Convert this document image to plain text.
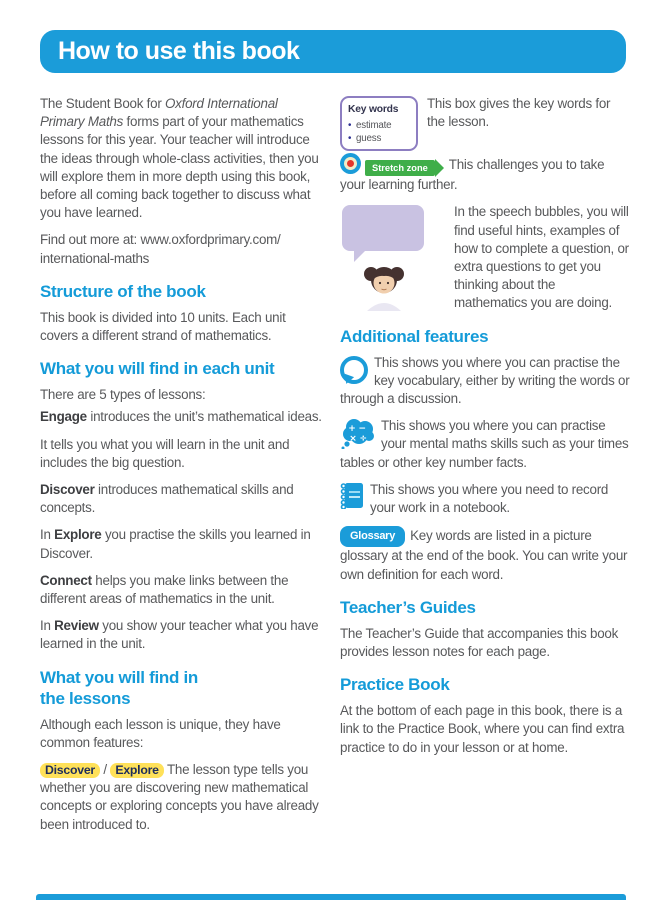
How to use this book

The Student Book for Oxford International Primary Maths forms part of your mathematics lessons for this year. Your teacher will introduce the ideas through whole-class activities, then you will explore them in more depth using this book, before all coming back together to discuss what you have learned.

Find out more at: www.oxfordprimary.com/
international-maths

Structure of the book

This book is divided into 10 units. Each unit covers a different strand of mathematics.

What you will find in each unit

There are 5 types of lessons:

Engage introduces the unit’s mathematical ideas.

It tells you what you will learn in the unit and includes the big question.

Discover introduces mathematical skills and concepts.

In Explore you practise the skills you learned in Discover.

Connect helps you make links between the different areas of mathematics in the unit.

In Review you show your teacher what you have learned in the unit.

What you will find in
the lessons

Although each lesson is unique, they have common features:

Discover / Explore The lesson type tells you whether you are discovering new mathematical concepts or exploring concepts you have already been introduced to.

Key words
• estimate
• guess
This box gives the key words for the lesson.

Stretch zone This challenges you to take your learning further.

In the speech bubbles, you will find useful hints, examples of how to complete a question, or extra questions to get you thinking about the mathematics you are doing.

Additional features

This shows you where you can practise the key vocabulary, either by writing the words or through a discussion.

+ −
× ÷
This shows you where you can practise your mental maths skills such as your times tables or other key number facts.

This shows you where you need to record your work in a notebook.

Glossary Key words are listed in a picture glossary at the end of the book. You can write your own definition for each word.

Teacher’s Guides

The Teacher’s Guide that accompanies this book provides lesson notes for each page.

Practice Book

At the bottom of each page in this book, there is a link to the Practice Book, where you can find extra practice to do in your lesson or at home.
